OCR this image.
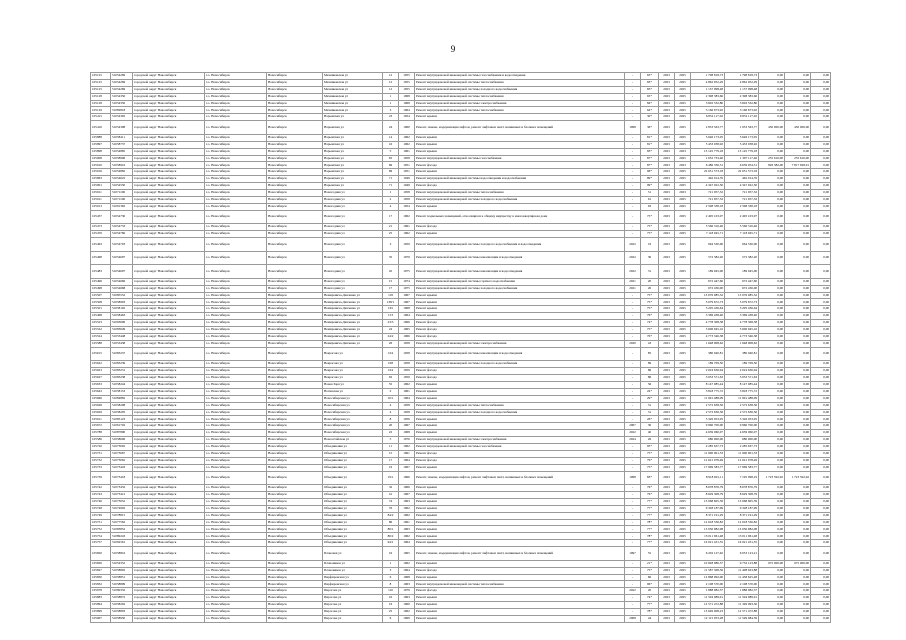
9
105125	51054269	городской округ Новосибирск	г.о. Новосибирск	Новосибирск	Мечниковская ул	12	1955	Ремонт внутридомовой инженерной системы газоснабжения и водоотведения	-	65*	2023	2025	1 798 818,73	1 798 818,73	0,00	0,00	0,00
105125	51054269	городской округ Новосибирск	г.о. Новосибирск	Новосибирск	Мечниковская ул	12	1955	Ремонт внутридомовой инженерной системы теплоснабжения	-	83*	2023	2025	4 862 952,29	4 862 952,29	0,00	0,00	0,00
105125	51054269	городской округ Новосибирск	г.о. Новосибирск	Новосибирск	Мечниковская ул	12	1955	Ремонт внутридомовой инженерной системы холодного водоснабжения	-	83*	2023	2025	1 137 098,48	1 137 098,48	0,00	0,00	0,00
105128	51054350	городской округ Новосибирск	г.о. Новосибирск	Новосибирск	Мечниковская ул	1	1968	Ремонт внутридомовой инженерной системы теплоснабжения	-	65*	2023	2025	2 398 383,66	2 398 383,66	0,00	0,00	0,00
105128	51054350	городской округ Новосибирск	г.о. Новосибирск	Новосибирск	Мечниковская ул	1	1968	Ремонт внутридомовой инженерной системы электроснабжения	-	84*	2023	2025	3 602 532,80	3 602 532,80	0,00	0,00	0,00
105129	51082818	городской округ Новосибирск	г.о. Новосибирск	Новосибирск	Мечниковская ул	3	1964	Ремонт внутридомовой инженерной системы теплоснабжения	-	64*	2023	2025	3 166 673,92	3 166 673,92	0,00	0,00	0,00
105415	51054392	городской округ Новосибирск	г.о. Новосибирск	Новосибирск	Нарымская ул	23	1954	Ремонт крыши	-	30*	2023	2025	6 852 117,02	6 852 117,02	0,00	0,00	0,00
105416	51054398	городской округ Новосибирск	г.о. Новосибирск	Новосибирск	Нарымская ул	24	1960	Ремонт, замена, модернизация лифтов, ремонт лифтовых шахт, машинных и блочных помещений	1998	36*	2023	2025	2 853 563,77	1 953 563,77	450 000,00	450 000,00	0,00
105888	51058411	городской округ Новосибирск	г.о. Новосибирск	Новосибирск	Нарымская ул	14	1962	Ремонт крыши	-	81*	2023	2025	5 646 173,05	5 646 173,05	0,00	0,00	0,00
105897	51058737	городской округ Новосибирск	г.о. Новосибирск	Новосибирск	Нарымская ул	16	1962	Ремонт крыши	-	81*	2023	2025	5 433 038,92	5 433 038,92	0,00	0,00	0,00
105898	51054885	городской округ Новосибирск	г.о. Новосибирск	Новосибирск	Нарымская ул	5	1961	Ремонт крыши	-	83*	2023	2023	13 145 779,18	13 145 779,18	0,00	0,00	0,00
105908	51058906	городской округ Новосибирск	г.о. Новосибирск	Новосибирск	Нарымская ул	65	1958	Ремонт внутридомовой инженерной системы газоснабжения	-	87*	2023	2025	1 652 733,46	1 397 117,46	255 616,00	255 616,00	0,00
105910	51058916	городской округ Новосибирск	г.о. Новосибирск	Новосибирск	Нарымская ул	69	1951	Ремонт фасада	-	87*	2023	2023	6 486 336,51	6 659 954,51	826 382,00	7 817 928,01	0,00
105916	51054882	городской округ Новосибирск	г.о. Новосибирск	Новосибирск	Нарымская ул	69	1951	Ремонт крыши	-	96*	2023	2025	22 651 573,18	22 651 573,18	0,00	0,00	0,00
105863	51054622	городской округ Новосибирск	г.о. Новосибирск	Новосибирск	Нарымская ул	71	1949	Ремонт внутридомовой инженерной системы водоотведения и водоснабжения	-	89*	2023	2025	462 014,76	462 014,76	0,00	0,00	0,00
105901	51054550	городской округ Новосибирск	г.о. Новосибирск	Новосибирск	Нарымская ул	71	1949	Ремонт фасада	-	99*	2023	2025	4 347 022,50	4 347 022,50	0,00	0,00	0,00
105911	51071106	городской округ Новосибирск	г.о. Новосибирск	Новосибирск	Новогодняя ул	1	1958	Ремонт внутридомовой инженерной системы теплоснабжения	-	51	2023	2023	721 957,32	721 957,32	0,00	0,00	0,00
105911	51071106	городской округ Новосибирск	г.о. Новосибирск	Новосибирск	Новогодняя ул	2	1958	Ремонт внутридомовой инженерной системы холодного водоснабжения	-	61	2023	2025	721 957,32	721 957,32	0,00	0,00	0,00
105913	51091382	городской округ Новосибирск	г.о. Новосибирск	Новосибирск	Новогодняя ул	4	1954	Ремонт крыши	-	63	2023	2025	2 598 338,18	2 598 338,18	0,00	0,00	0,00
105457	51054730	городской округ Новосибирск	г.о. Новосибирск	Новосибирск	Новогодняя ул	17	1962	Ремонт подвальных помещений, относящихся к общему имуществу в многоквартирном доме	-	75*	2023	2025	2 495 103,07	2 495 103,07	0,00	0,00	0,00
105473	51054733	городской округ Новосибирск	г.о. Новосибирск	Новосибирск	Новогодняя ул	21	1961	Ремонт фасада	-	75*	2023	2025	5 566 316,46	5 566 316,46	0,00	0,00	0,00
105476	51054760	городской округ Новосибирск	г.о. Новосибирск	Новосибирск	Новогодняя ул	25	1962	Ремонт крыши	-	75*	2023	2025	7 118 945,71	7 118 945,71	0,00	0,00	0,00
105463	51054703	городской округ Новосибирск	г.о. Новосибирск	Новосибирск	Новогодняя ул	3	1959	Ремонт внутридомовой инженерной системы холодного водоснабжения и водоотведения	2022	19	2023	2025	664 530,00	664 530,00	0,00	0,00	0,00
105468	51054697	городской округ Новосибирск	г.о. Новосибирск	Новосибирск	Новогодняя ул	35	1979	Ремонт внутридомовой инженерной системы канализации и водоотведения	2022	30	2023	2025	572 382,20	572 382,20	0,00	0,00	0,00
105483	51054697	городской округ Новосибирск	г.о. Новосибирск	Новосибирск	Новогодняя ул	45	1975	Ремонт внутридомовой инженерной системы канализации и водоотведения	2022	31	2023	2025	189 945,00	189 945,00	0,00	0,00	0,00
105496	51054666	городской округ Новосибирск	г.о. Новосибирск	Новосибирск	Новогодняя ул	15	1974	Ремонт внутридомовой инженерной системы горячего водоснабжения	2021	20	2023	2025	672 447,60	672 447,60	0,00	0,00	0,00
105498	51054668	городской округ Новосибирск	г.о. Новосибирск	Новосибирск	Новогодняя ул	17	1975	Ремонт внутридомовой инженерной системы холодного водоснабжения	2021	20	2023	2025	672 436,00	672 436,00	0,00	0,00	0,00
105507	51085552	городской округ Новосибирск	г.о. Новосибирск	Новосибирск	Немировича-Данченко ул	118	1967	Ремонт крыши	-	75*	2023	2025	13 076 085,32	13 076 085,32	0,00	0,00	0,00
105508	51058903	городской округ Новосибирск	г.о. Новосибирск	Новосибирск	Немировича-Данченко ул	138/1	1967	Ремонт крыши	-	75*	2023	2025	5 079 672,73	5 079 672,73	0,00	0,00	0,00
105501	51058102	городской округ Новосибирск	г.о. Новосибирск	Новосибирск	Немировича-Данченко ул	165	1968	Ремонт крыши	-	75*	2023	2025	3 205 436,64	3 205 436,64	0,00	0,00	0,00
105468	51058463	городской округ Новосибирск	г.о. Новосибирск	Новосибирск	Немировича-Данченко ул	153	1964	Ремонт крыши	-	76*	2023	2025	3 369 438,40	3 369 438,40	0,00	0,00	0,00
105523	51093000	городской округ Новосибирск	г.о. Новосибирск	Новосибирск	Немировича-Данченко ул	23/3	1966	Ремонт фасада	-	74*	2023	2025	4 778 308,38	4 778 308,38	0,00	0,00	0,00
105522	51083049	городской округ Новосибирск	г.о. Новосибирск	Новосибирск	Немировича-Данченко ул	24	1965	Ремонт фасада	-	75*	2023	2025	5 606 945,16	5 606 945,16	0,00	0,00	0,00
105524	51053448	городской округ Новосибирск	г.о. Новосибирск	Новосибирск	Немировича-Данченко ул	24/2	1966	Ремонт фасада	-	76*	2023	2025	4 773 346,38	4 773 346,38	0,00	0,00	0,00
105588	51053438	городской округ Новосибирск	г.о. Новосибирск	Новосибирск	Немировича-Данченко ул	26	1958	Ремонт внутридомовой инженерной системы электроснабжения	2020	43	2023	2025	1 648 908,62	1 648 908,62	0,00	0,00	0,00
105615	51083237	городской округ Новосибирск	г.о. Новосибирск	Новосибирск	Некрасова ул	104	1958	Ремонт внутридомовой инженерной системы канализации и водоотведения	-	85	2023	2025	380 040,81	380 040,81	0,00	0,00	0,00
105622	51083239	городской округ Новосибирск	г.о. Новосибирск	Новосибирск	Некрасова ул	108	1958	Ремонт внутридомовой инженерной системы холодного водоснабжения	-	89	2023	2025	189 709,50	189 709,50	0,00	0,00	0,00
105623	51083231	городской округ Новосибирск	г.о. Новосибирск	Новосибирск	Некрасова ул	104	1959	Ремонт фасада	-	86	2023	2025	2 024 636,94	2 024 636,94	0,00	0,00	0,00
105627	51083238	городской округ Новосибирск	г.о. Новосибирск	Новосибирск	Некрасова ул	92	1956	Ремонт фасада	-	86	2023	2025	3 053 571,63	3 053 571,63	0,00	0,00	0,00
105633	51058244	городской округ Новосибирск	г.о. Новосибирск	Новосибирск	Новая Заря ул	55	1962	Ремонт крыши	-	56	2023	2025	8 147 085,44	8 147 085,44	0,00	0,00	0,00
105643	51058153	городской округ Новосибирск	г.о. Новосибирск	Новосибирск	Ногинская ул	2	1961	Ремонт крыши	-	24*	2023	2025	3 818 775,72	3 818 775,72	0,00	0,00	0,00
105666	51084882	городской округ Новосибирск	г.о. Новосибирск	Новосибирск	Новосибирская ул	10/1	1964	Ремонт крыши	-	29*	2023	2025	11 991 488,09	11 991 488,09	0,00	0,00	0,00
105628	51058208	городской округ Новосибирск	г.о. Новосибирск	Новосибирск	Новосибирская ул	4	1958	Ремонт внутридомовой инженерной системы теплоснабжения	-	31	2023	2025	2 572 638,56	2 572 638,56	0,00	0,00	0,00
105629	51058205	городской округ Новосибирск	г.о. Новосибирск	Новосибирск	Новосибирская ул	4	1958	Ремонт внутридомовой инженерной системы холодного водоснабжения	-	31	2023	2025	2 572 636,56	2 572 636,56	0,00	0,00	0,00
105611	51085123	городской округ Новосибирск	г.о. Новосибирск	Новосибирск	Новосибирская ул	8	1956	Ремонт крыши	-	26*	2023	2025	5 326 053,05	5 326 053,05	0,00	0,00	0,00
105672	51061702	городской округ Новосибирск	г.о. Новосибирск	Новосибирск	Новосибирская ул	20	1967	Ремонт крыши	2007	36	2023	2025	9 960 700,00	9 960 700,00	0,00	0,00	0,00
105788	51087890	городской округ Новосибирск	г.о. Новосибирск	Новосибирск	Новосибирская ул	22	1968	Ремонт крыши	2022	40	2023	2025	4 639 060,07	4 639 060,07	0,00	0,00	0,00
105586	51058606	городской округ Новосибирск	г.о. Новосибирск	Новосибирск	Новоалтайская ул	5	1976	Ремонт внутридомовой инженерной системы электроснабжения	2024	26	2023	2025	680 000,00	680 000,00	0,00	0,00	0,00
105726	51073002	городской округ Новосибирск	г.о. Новосибирск	Новосибирск	Объединения ул	11	1962	Ремонт внутридомовой инженерной системы газоснабжения	-	95*	2023	2025	2 285 637,73	2 285 637,73	0,00	0,00	0,00
105731	51073067	городской округ Новосибирск	г.о. Новосибирск	Новосибирск	Объединения ул	15	1961	Ремонт фасада	-	75*	2023	2025	11 900 901,33	11 900 901,33	0,00	0,00	0,00
105732	51073062	городской округ Новосибирск	г.о. Новосибирск	Новосибирск	Объединения ул	17	1964	Ремонт фасада	-	76*	2023	2025	12 621 078,49	12 621 078,49	0,00	0,00	0,00
105733	51073443	городской округ Новосибирск	г.о. Новосибирск	Новосибирск	Объединения ул	19	1967	Ремонт крыши	-	75*	2023	2025	17 969 583,77	17 969 583,77	0,00	0,00	0,00
105739	51073418	городской округ Новосибирск	г.о. Новосибирск	Новосибирск	Объединения ул	19/1	1966	Ремонт, замена, модернизация лифтов, ремонт лифтовых шахт, машинных и блочных помещений	1998	83*	2023	2025	8 918 691,11	7 195 098,19	1 723 592,92	1 723 592,92	0,00
105742	51073432	городской округ Новосибирск	г.о. Новосибирск	Новосибирск	Объединения ул	32	1966	Ремонт крыши	-	76*	2023	2025	8 678 876,79	8 678 876,79	0,00	0,00	0,00
105743	51073412	городской округ Новосибирск	г.о. Новосибирск	Новосибирск	Объединения ул	41	1967	Ремонт крыши	-	76*	2023	2025	8 629 308,79	8 629 308,79	0,00	0,00	0,00
105746	51073052	городской округ Новосибирск	г.о. Новосибирск	Новосибирск	Объединения ул	74	1963	Ремонт крыши	-	77*	2023	2025	13 068 605,39	13 068 605,39	0,00	0,00	0,00
105748	51074902	городской округ Новосибирск	г.о. Новосибирск	Новосибирск	Объединения ул	76	1962	Ремонт крыши	-	77*	2023	2025	9 328 187,99	9 328 187,99	0,00	0,00	0,00
105749	51078815	городской округ Новосибирск	г.о. Новосибирск	Новосибирск	Объединения ул	84/2	1962	Ремонт крыши	-	77*	2023	2025	8 371 191,29	8 371 191,29	0,00	0,00	0,00
105751	51077562	городской округ Новосибирск	г.о. Новосибирск	Новосибирск	Объединения ул	86	1961	Ремонт крыши	-	78*	2023	2025	12 618 536,82	12 618 536,82	0,00	0,00	0,00
105752	51083852	городской округ Новосибирск	г.о. Новосибирск	Новосибирск	Объединения ул	86/1	1963	Ремонт крыши	-	77*	2023	2025	13 050 982,08	13 050 982,08	0,00	0,00	0,00
105754	51089243	городской округ Новосибирск	г.о. Новосибирск	Новосибирск	Объединения ул	86/2	1962	Ремонт крыши	-	78*	2023	2025	13 011 961,48	13 011 961,48	0,00	0,00	0,00
105757	51092561	городской округ Новосибирск	г.о. Новосибирск	Новосибирск	Объединения ул	94/1	1964	Ремонт крыши	-	77*	2023	2025	16 021 431,55	16 021 431,55	0,00	0,00	0,00
105820	51058816	городской округ Новосибирск	г.о. Новосибирск	Новосибирск	Плановая ул	19	1965	Ремонт, замена, модернизация лифтов, ремонт лифтовых шахт, машинных и блочных помещений	1997	55	2023	2025	6 202 127,62	6 053 123,21	0,00	0,00	0,00
105826	51054352	городской округ Новосибирск	г.о. Новосибирск	Новосибирск	Плановиков ул	1	1962	Ремонт крыши	-	21*	2023	2025	10 828 986,57	9 752 123,88	975 000,00	975 000,00	0,00
105827	51058802	городской округ Новосибирск	г.о. Новосибирск	Новосибирск	Плановиков ул	3	1964	Ремонт фасада	-	75*	2023	2025	11 587 308,56	11 408 623,88	0,00	0,00	0,00
105830	51058851	городской округ Новосибирск	г.о. Новосибирск	Новосибирск	Пирфировская ул	6	1968	Ремонт крыши	-	60	2023	2025	12 868 092,00	11 458 625,48	0,00	0,00	0,00
105832	51058899	городской округ Новосибирск	г.о. Новосибирск	Новосибирск	Пирфировская ул	8	1963	Ремонт внутридомовой инженерной системы теплоснабжения	-	96*	2023	2025	2 108 570,00	2 108 570,00	0,00	0,00	0,00
105978	51090332	городской округ Новосибирск	г.о. Новосибирск	Новосибирск	Пирогова ул	116	1979	Ремонт фасада	2022	20	2023	2025	1 888 982,37	1 888 982,37	0,00	0,00	0,00
105883	51058872	городской округ Новосибирск	г.о. Новосибирск	Новосибирск	Пирогова ул	16	1963	Ремонт крыши	-	74*	2023	2025	11 504 089,91	11 504 089,91	0,00	0,00	0,00
105894	51058292	городской округ Новосибирск	г.о. Новосибирск	Новосибирск	Пирогова ул	19	1960	Ремонт крыши	-	77*	2023	2025	12 571 472,88	11 349 093,30	0,00	0,00	0,00
105899	51058893	городской округ Новосибирск	г.о. Новосибирск	Новосибирск	Пирогова ул	25	1962	Ремонт крыши	-	78*	2023	2025	13 649 008,23	12 571 472,88	0,00	0,00	0,00
105907	51058950	городской округ Новосибирск	г.о. Новосибирск	Новосибирск	Пирогова ул	6	1969	Ремонт крыши	2008	44	2023	2025	12 115 053,28	11 549 084,59	0,00	0,00	0,00
